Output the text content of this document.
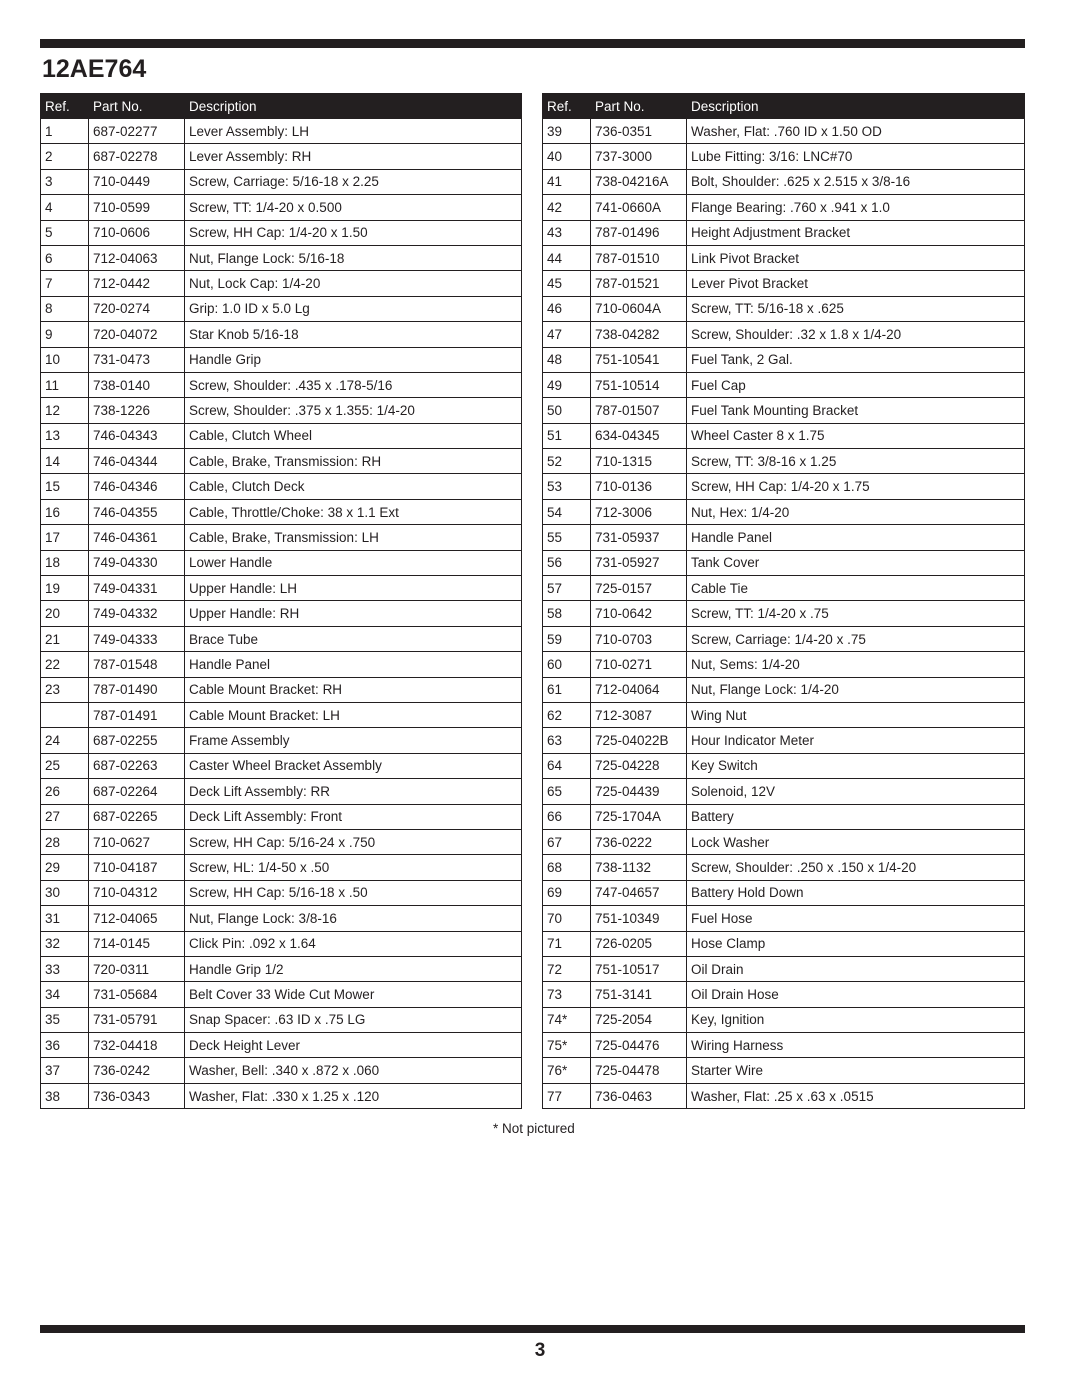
12AE764
Ref.	Part No.	Description
1	687-02277	Lever Assembly: LH
2	687-02278	Lever Assembly: RH
3	710-0449	Screw, Carriage: 5/16-18 x 2.25
4	710-0599	Screw, TT: 1/4-20 x 0.500
5	710-0606	Screw, HH Cap: 1/4-20 x 1.50
6	712-04063	Nut, Flange Lock: 5/16-18
7	712-0442	Nut, Lock Cap: 1/4-20
8	720-0274	Grip: 1.0 ID x 5.0 Lg
9	720-04072	Star Knob 5/16-18
10	731-0473	Handle Grip
11	738-0140	Screw, Shoulder: .435 x .178-5/16
12	738-1226	Screw, Shoulder: .375 x 1.355: 1/4-20
13	746-04343	Cable, Clutch Wheel
14	746-04344	Cable, Brake, Transmission: RH
15	746-04346	Cable, Clutch Deck
16	746-04355	Cable, Throttle/Choke: 38 x 1.1 Ext
17	746-04361	Cable, Brake, Transmission: LH
18	749-04330	Lower Handle
19	749-04331	Upper Handle: LH
20	749-04332	Upper Handle: RH
21	749-04333	Brace Tube
22	787-01548	Handle Panel
23	787-01490	Cable Mount Bracket: RH
	787-01491	Cable Mount Bracket: LH
24	687-02255	Frame Assembly
25	687-02263	Caster Wheel Bracket Assembly
26	687-02264	Deck Lift Assembly: RR
27	687-02265	Deck Lift Assembly: Front
28	710-0627	Screw, HH Cap: 5/16-24 x .750
29	710-04187	Screw, HL: 1/4-50 x .50
30	710-04312	Screw, HH Cap: 5/16-18 x .50
31	712-04065	Nut, Flange Lock: 3/8-16
32	714-0145	Click Pin: .092 x 1.64
33	720-0311	Handle Grip 1/2
34	731-05684	Belt Cover 33 Wide Cut Mower
35	731-05791	Snap Spacer: .63 ID x .75 LG
36	732-04418	Deck Height Lever
37	736-0242	Washer, Bell: .340 x .872 x .060
38	736-0343	Washer, Flat: .330 x 1.25 x .120
Ref.	Part No.	Description
39	736-0351	Washer, Flat: .760 ID x 1.50 OD
40	737-3000	Lube Fitting: 3/16: LNC#70
41	738-04216A	Bolt, Shoulder: .625 x 2.515 x 3/8-16
42	741-0660A	Flange Bearing: .760 x .941 x 1.0
43	787-01496	Height Adjustment Bracket
44	787-01510	Link Pivot Bracket
45	787-01521	Lever Pivot Bracket
46	710-0604A	Screw, TT: 5/16-18 x .625
47	738-04282	Screw, Shoulder: .32 x 1.8 x 1/4-20
48	751-10541	Fuel Tank, 2 Gal.
49	751-10514	Fuel Cap
50	787-01507	Fuel Tank Mounting Bracket
51	634-04345	Wheel Caster 8 x 1.75
52	710-1315	Screw, TT: 3/8-16 x 1.25
53	710-0136	Screw, HH Cap: 1/4-20 x 1.75
54	712-3006	Nut, Hex: 1/4-20
55	731-05937	Handle Panel
56	731-05927	Tank Cover
57	725-0157	Cable Tie
58	710-0642	Screw, TT: 1/4-20 x .75
59	710-0703	Screw, Carriage: 1/4-20 x .75
60	710-0271	Nut, Sems: 1/4-20
61	712-04064	Nut, Flange Lock: 1/4-20
62	712-3087	Wing Nut
63	725-04022B	Hour Indicator Meter
64	725-04228	Key Switch
65	725-04439	Solenoid, 12V
66	725-1704A	Battery
67	736-0222	Lock Washer
68	738-1132	Screw, Shoulder: .250 x .150 x 1/4-20
69	747-04657	Battery Hold Down
70	751-10349	Fuel Hose
71	726-0205	Hose Clamp
72	751-10517	Oil Drain
73	751-3141	Oil Drain Hose
74*	725-2054	Key, Ignition
75*	725-04476	Wiring Harness
76*	725-04478	Starter Wire
77	736-0463	Washer, Flat: .25 x .63 x .0515
* Not pictured
3
